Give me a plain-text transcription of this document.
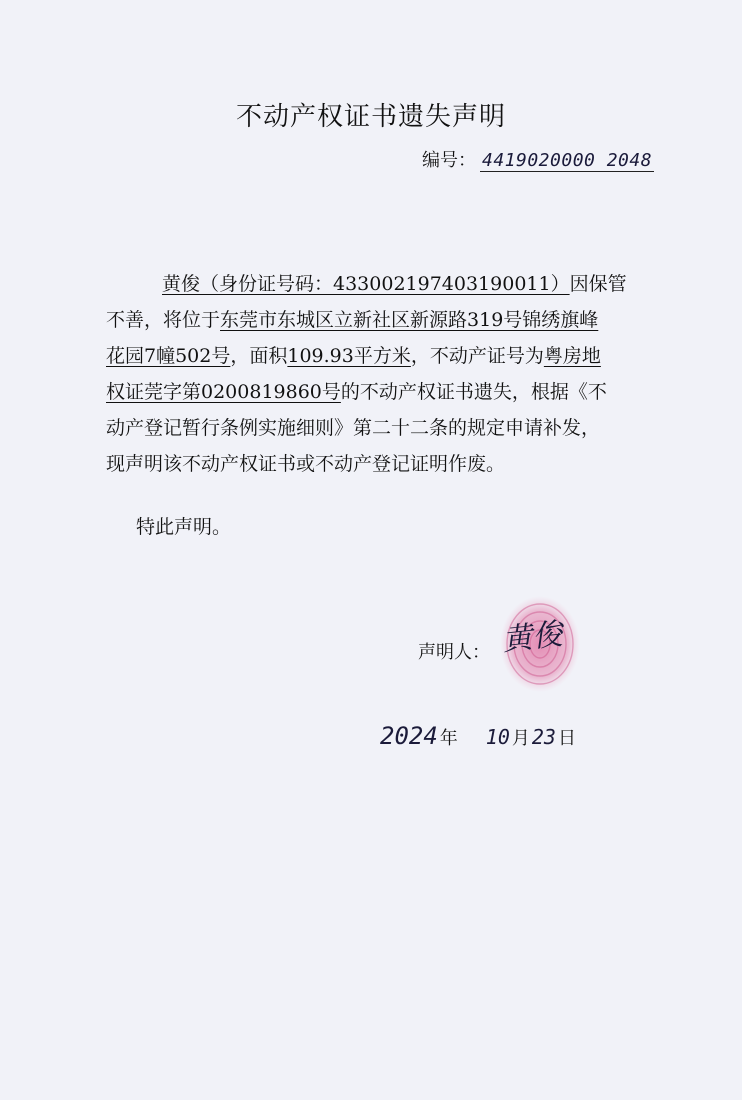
不动产权证书遗失声明
编号： 4419020000 2048
黄俊（身份证号码：433002197403190011）因保管
不善，将位于东莞市东城区立新社区新源路319号锦绣旗峰
花园7幢502号，面积109.93平方米，不动产证号为粤房地
权证莞字第0200819860号的不动产权证书遗失，根据《不
动产登记暂行条例实施细则》第二十二条的规定申请补发，
现声明该不动产权证书或不动产登记证明作废。
特此声明。
声明人： 黄俊
2024 年 10 月 23 日
